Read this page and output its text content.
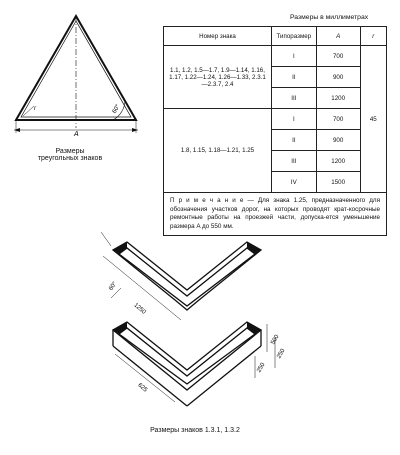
A
r	60°
Размеры
треугольных знаков
Размеры в миллиметрах
Номер знака	Типоразмер	A	r
1.1, 1.2, 1.5—1.7, 1.9—1.14, 1.16, 1.17, 1.22—1.24, 1.26—1.33, 2.3.1—2.3.7, 2.4	I	700	45
	II	900	
	III	1200	
1.8, 1.15, 1.18—1.21, 1.25	I	700	
	II	900	
	III	1200	
	IV	1500	

П р и м е ч а н и е — Для знака 1.25, предназначенного для обозначения участков дорог, на которых проводят крат-косрочные ремонтные работы на проезжей части, допуска-ется уменьшение размера A до 550 мм.			
60°
1250
625
500
250
250
Размеры знаков 1.3.1, 1.3.2
